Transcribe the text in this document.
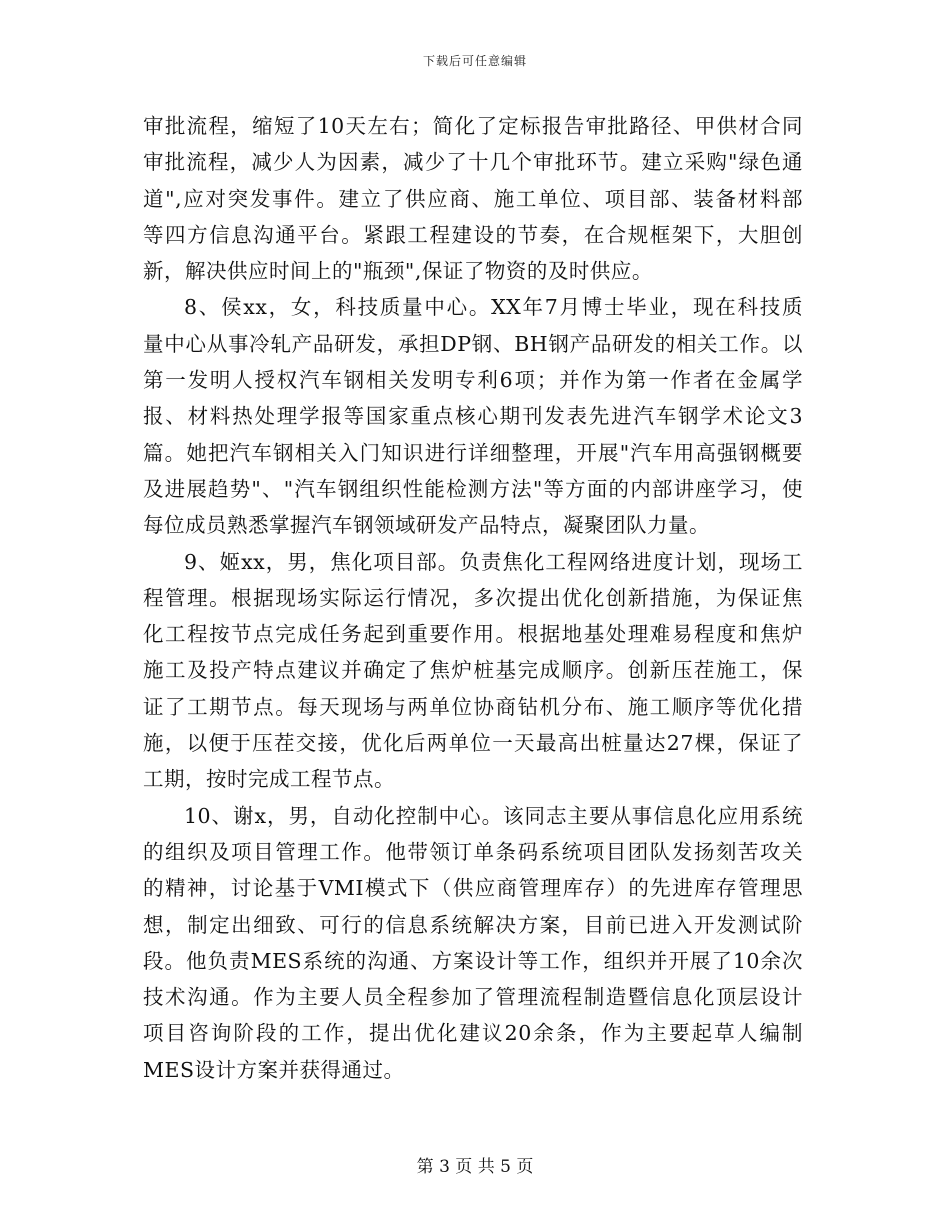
下载后可任意编辑
审批流程，缩短了10天左右；简化了定标报告审批路径、甲供材合同
审批流程，减少人为因素，减少了十几个审批环节。建立采购"绿色通
道",应对突发事件。建立了供应商、施工单位、项目部、装备材料部
等四方信息沟通平台。紧跟工程建设的节奏，在合规框架下，大胆创
新，解决供应时间上的"瓶颈",保证了物资的及时供应。
8、侯xx，女，科技质量中心。XX年7月博士毕业，现在科技质
量中心从事冷轧产品研发，承担DP钢、BH钢产品研发的相关工作。以
第一发明人授权汽车钢相关发明专利6项；并作为第一作者在金属学
报、材料热处理学报等国家重点核心期刊发表先进汽车钢学术论文3
篇。她把汽车钢相关入门知识进行详细整理，开展"汽车用高强钢概要
及进展趋势"、"汽车钢组织性能检测方法"等方面的内部讲座学习，使
每位成员熟悉掌握汽车钢领域研发产品特点，凝聚团队力量。
9、姬xx，男，焦化项目部。负责焦化工程网络进度计划，现场工
程管理。根据现场实际运行情况，多次提出优化创新措施，为保证焦
化工程按节点完成任务起到重要作用。根据地基处理难易程度和焦炉
施工及投产特点建议并确定了焦炉桩基完成顺序。创新压茬施工，保
证了工期节点。每天现场与两单位协商钻机分布、施工顺序等优化措
施，以便于压茬交接，优化后两单位一天最高出桩量达27棵，保证了
工期，按时完成工程节点。
10、谢x，男，自动化控制中心。该同志主要从事信息化应用系统
的组织及项目管理工作。他带领订单条码系统项目团队发扬刻苦攻关
的精神，讨论基于VMI模式下（供应商管理库存）的先进库存管理思
想，制定出细致、可行的信息系统解决方案，目前已进入开发测试阶
段。他负责MES系统的沟通、方案设计等工作，组织并开展了10余次
技术沟通。作为主要人员全程参加了管理流程制造暨信息化顶层设计
项目咨询阶段的工作，提出优化建议20余条，作为主要起草人编制
MES设计方案并获得通过。
第 3 页 共 5 页
